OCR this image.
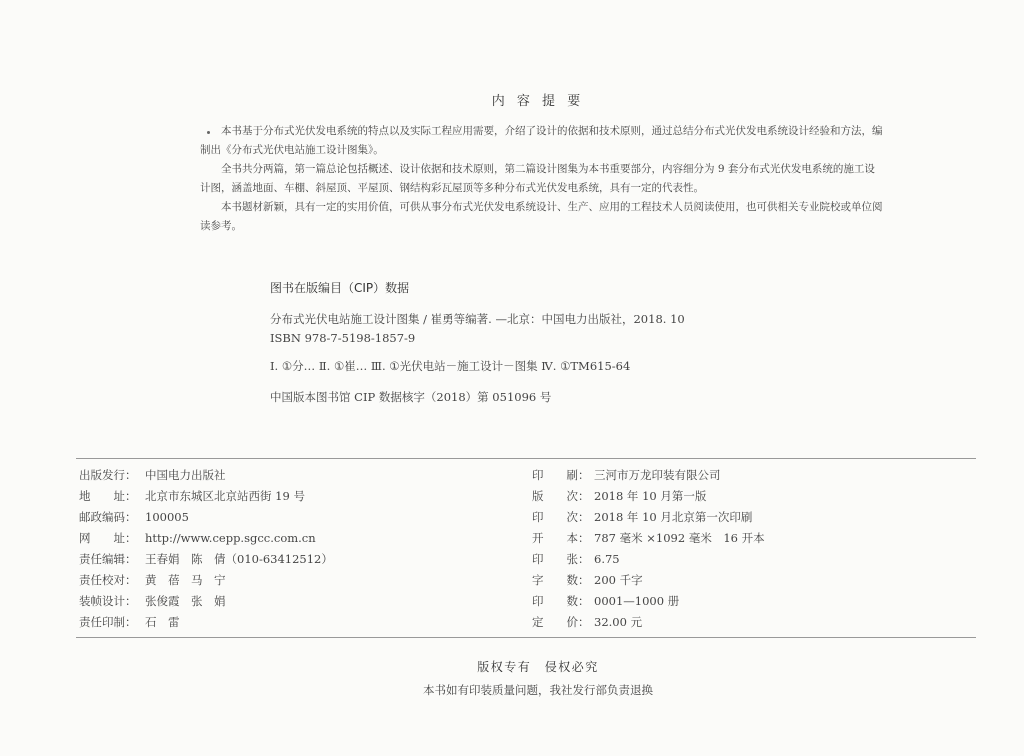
内 容 提 要

本书基于分布式光伏发电系统的特点以及实际工程应用需要，介绍了设计的依据和技术原则，通过总结分布式光伏发电系统设计经验和方法，编制出《分布式光伏电站施工设计图集》。

全书共分两篇，第一篇总论包括概述、设计依据和技术原则，第二篇设计图集为本书重要部分，内容细分为 9 套分布式光伏发电系统的施工设计图，涵盖地面、车棚、斜屋顶、平屋顶、钢结构彩瓦屋顶等多种分布式光伏发电系统，具有一定的代表性。

本书题材新颖，具有一定的实用价值，可供从事分布式光伏发电系统设计、生产、应用的工程技术人员阅读使用，也可供相关专业院校或单位阅读参考。

图书在版编目（CIP）数据
分布式光伏电站施工设计图集 / 崔勇等编著. —北京：中国电力出版社，2018. 10
ISBN 978-7-5198-1857-9
Ⅰ. ①分… Ⅱ. ①崔… Ⅲ. ①光伏电站－施工设计－图集 Ⅳ. ①TM615-64
中国版本图书馆 CIP 数据核字（2018）第 051096 号
出版发行： 中国电力出版社
地　　址： 北京市东城区北京站西街 19 号
邮政编码： 100005
网　　址： http://www.cepp.sgcc.com.cn
责任编辑： 王春娟　陈　倩（010-63412512）
责任校对： 黄　蓓　马　宁
装帧设计： 张俊霞　张　娟
责任印制： 石　雷
印　　刷： 三河市万龙印装有限公司
版　　次： 2018 年 10 月第一版
印　　次： 2018 年 10 月北京第一次印刷
开　　本： 787 毫米 ×1092 毫米　16 开本
印　　张： 6.75
字　　数： 200 千字
印　　数： 0001—1000 册
定　　价： 32.00 元
版权专有　侵权必究
本书如有印装质量问题，我社发行部负责退换
